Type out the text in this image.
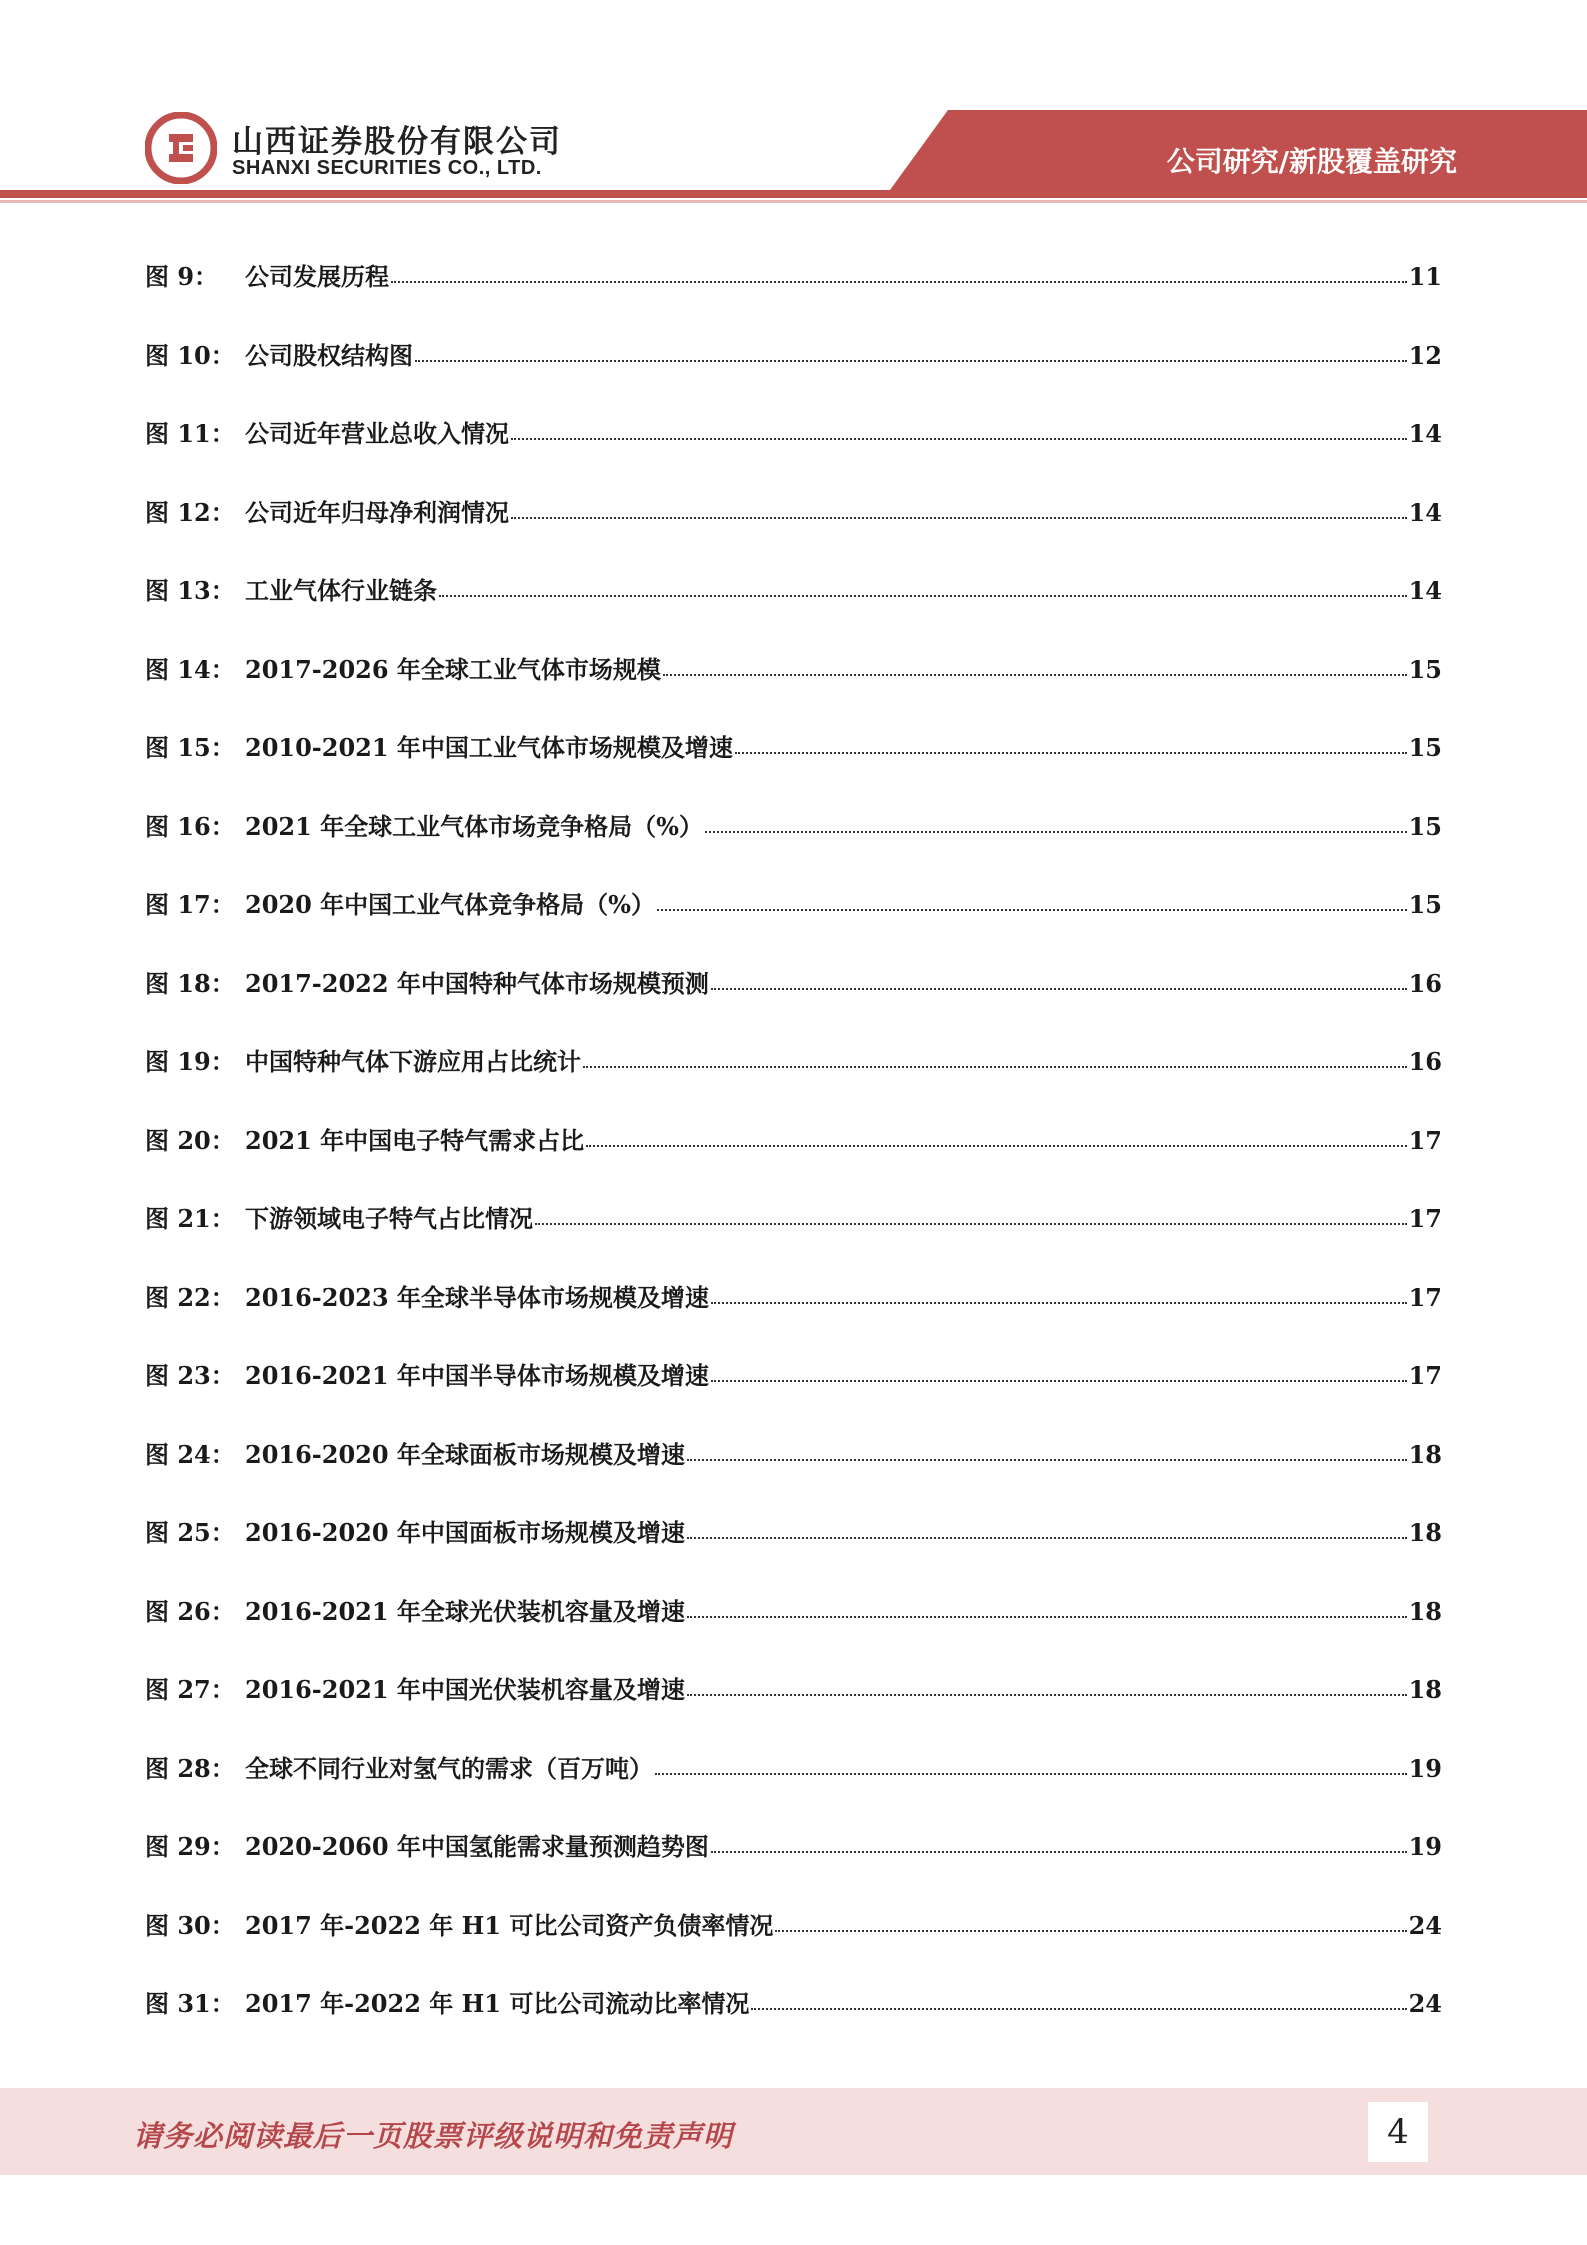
山西证券股份有限公司
SHANXI SECURITIES CO., LTD.	公司研究/新股覆盖研究
图 9：	公司发展历程	11
图 10： 公司股权结构图	12
图 11： 公司近年营业总收入情况	14
图 12： 公司近年归母净利润情况	14
图 13： 工业气体行业链条	14
图 14： 2017-2026 年全球工业气体市场规模	15
图 15： 2010-2021 年中国工业气体市场规模及增速	15
图 16： 2021 年全球工业气体市场竞争格局（%）	15
图 17： 2020 年中国工业气体竞争格局（%）	15
图 18： 2017-2022 年中国特种气体市场规模预测	16
图 19： 中国特种气体下游应用占比统计	16
图 20： 2021 年中国电子特气需求占比	17
图 21： 下游领域电子特气占比情况	17
图 22： 2016-2023 年全球半导体市场规模及增速	17
图 23： 2016-2021 年中国半导体市场规模及增速	17
图 24： 2016-2020 年全球面板市场规模及增速	18
图 25： 2016-2020 年中国面板市场规模及增速	18
图 26： 2016-2021 年全球光伏装机容量及增速	18
图 27： 2016-2021 年中国光伏装机容量及增速	18
图 28： 全球不同行业对氢气的需求（百万吨）	19
图 29： 2020-2060 年中国氢能需求量预测趋势图	19
图 30： 2017 年-2022 年 H1 可比公司资产负债率情况	24
图 31： 2017 年-2022 年 H1 可比公司流动比率情况	24
请务必阅读最后一页股票评级说明和免责声明	4
